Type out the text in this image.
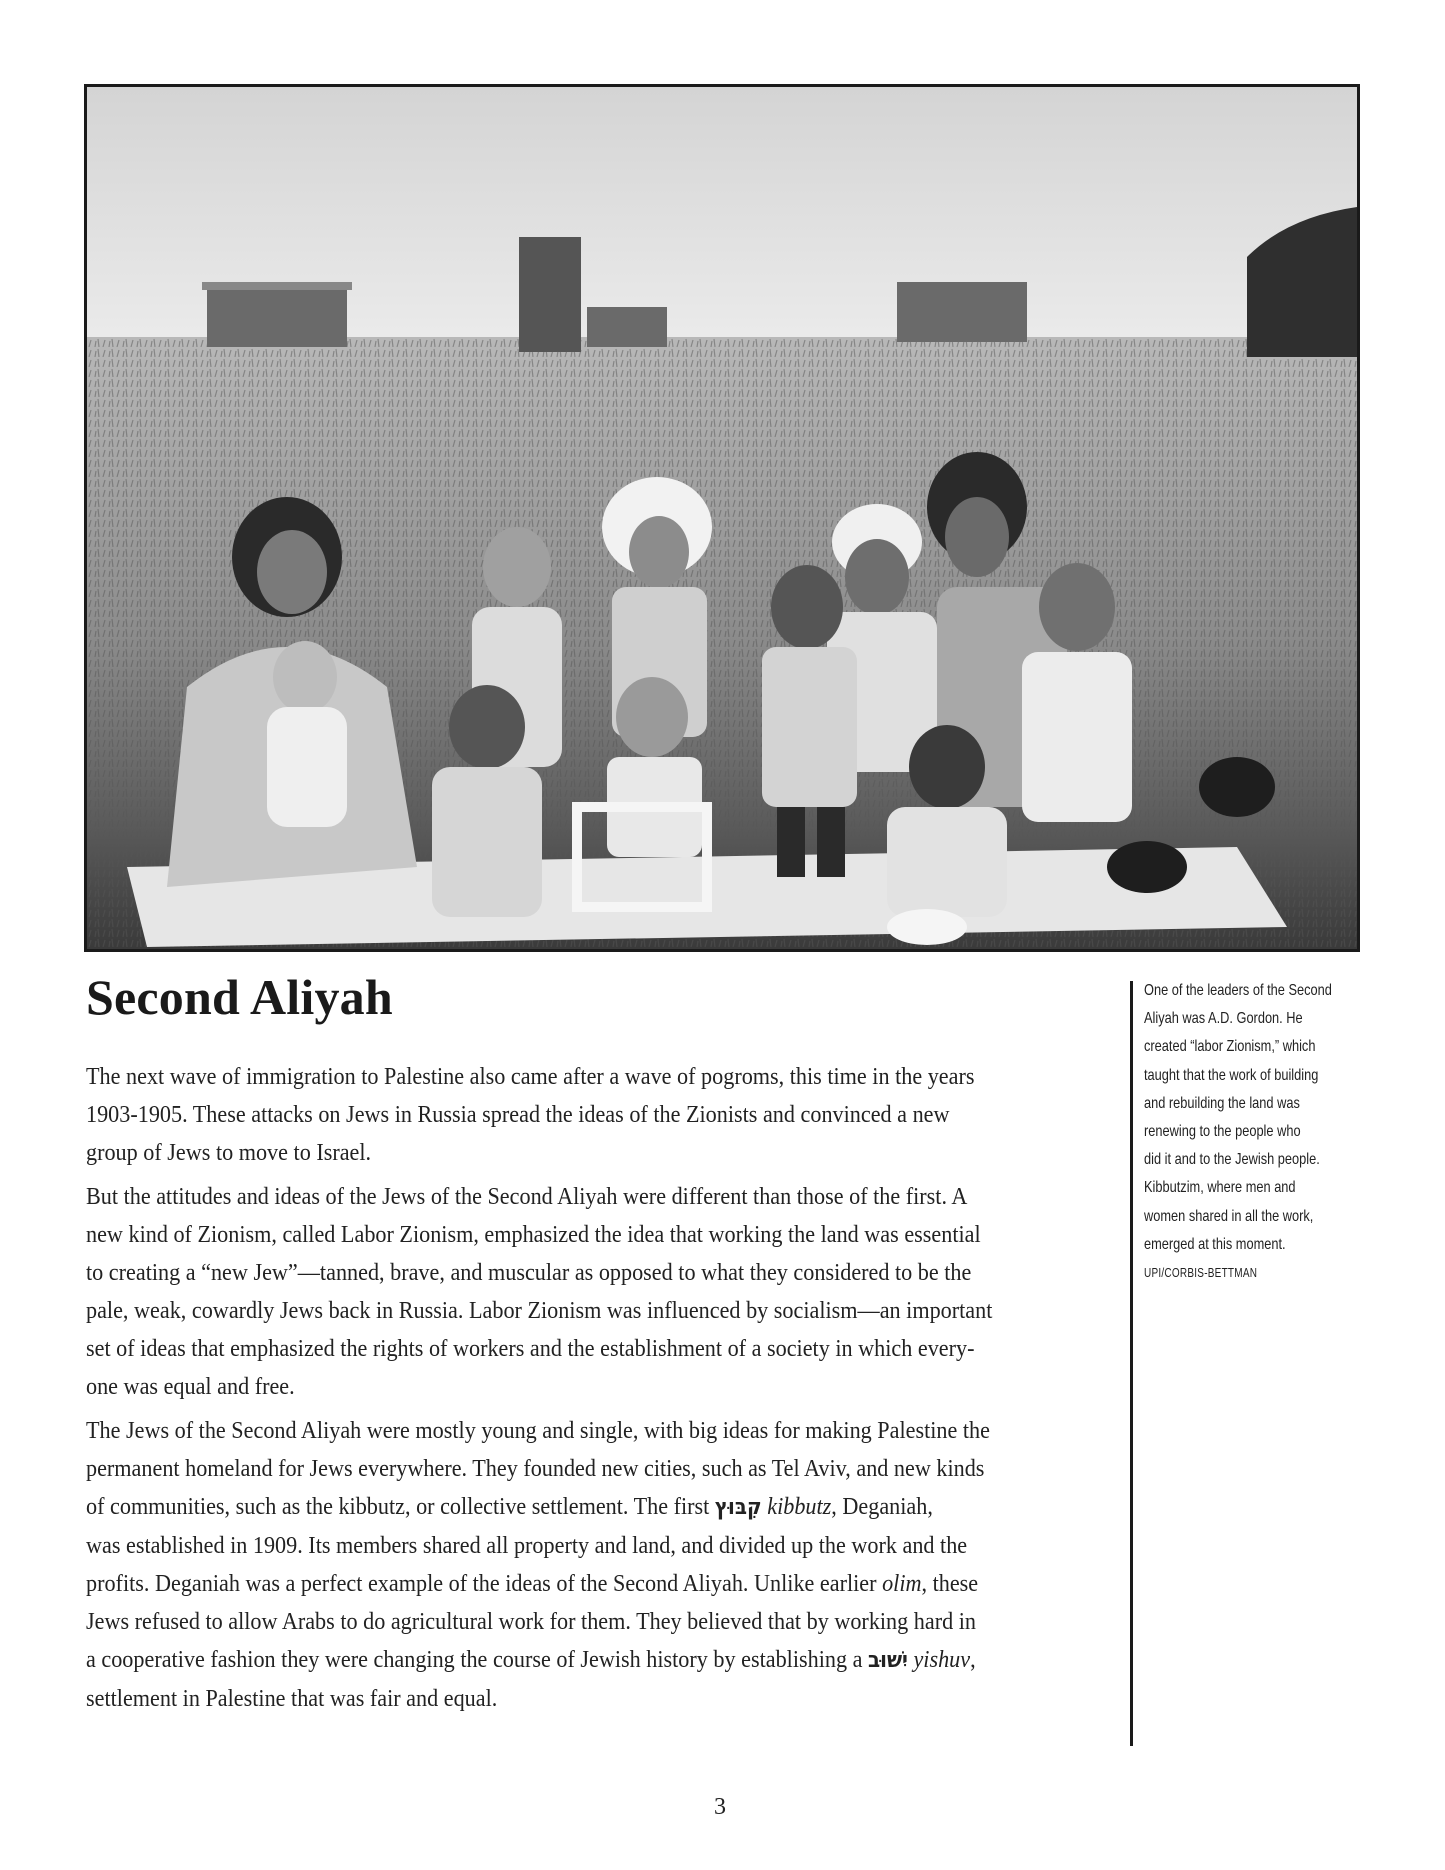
Second Aliyah
The next wave of immigration to Palestine also came after a wave of pogroms, this time in the years
1903-1905. These attacks on Jews in Russia spread the ideas of the Zionists and convinced a new
group of Jews to move to Israel.
But the attitudes and ideas of the Jews of the Second Aliyah were different than those of the first. A
new kind of Zionism, called Labor Zionism, emphasized the idea that working the land was essential
to creating a “new Jew”—tanned, brave, and muscular as opposed to what they considered to be the
pale, weak, cowardly Jews back in Russia. Labor Zionism was influenced by socialism—an important
set of ideas that emphasized the rights of workers and the establishment of a society in which every-
one was equal and free.
The Jews of the Second Aliyah were mostly young and single, with big ideas for making Palestine the
permanent homeland for Jews everywhere. They founded new cities, such as Tel Aviv, and new kinds
of communities, such as the kibbutz, or collective settlement. The first קִבּוּץ kibbutz, Deganiah,
was established in 1909. Its members shared all property and land, and divided up the work and the
profits. Deganiah was a perfect example of the ideas of the Second Aliyah. Unlike earlier olim, these
Jews refused to allow Arabs to do agricultural work for them. They believed that by working hard in
a cooperative fashion they were changing the course of Jewish history by establishing a יִשׁוּב yishuv,
settlement in Palestine that was fair and equal.
One of the leaders of the Second
Aliyah was A.D. Gordon. He
created “labor Zionism,” which
taught that the work of building
and rebuilding the land was
renewing to the people who
did it and to the Jewish people.
Kibbutzim, where men and
women shared in all the work,
emerged at this moment.
UPI/CORBIS-BETTMAN
3
